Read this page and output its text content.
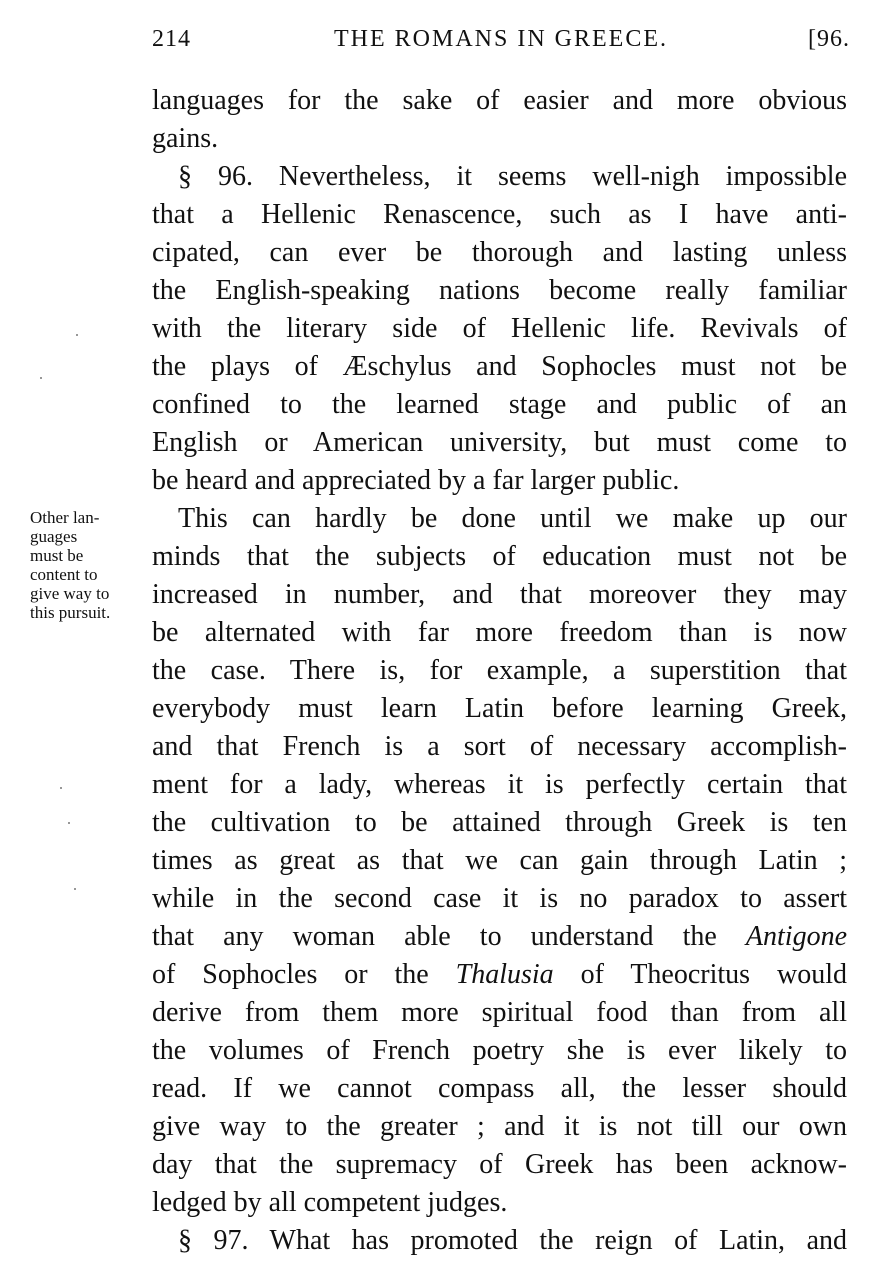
214	THE ROMANS IN GREECE.	[96.
Other lan-
guages
must be
content to
give way to
this pursuit.
languages for the sake of easier and more obvious
gains.
§ 96. Nevertheless, it seems well-nigh impossible
that a Hellenic Renascence, such as I have anti-
cipated, can ever be thorough and lasting unless
the English-speaking nations become really familiar
with the literary side of Hellenic life. Revivals of
the plays of Æschylus and Sophocles must not be
confined to the learned stage and public of an
English or American university, but must come to
be heard and appreciated by a far larger public.
This can hardly be done until we make up our
minds that the subjects of education must not be
increased in number, and that moreover they may
be alternated with far more freedom than is now
the case. There is, for example, a superstition that
everybody must learn Latin before learning Greek,
and that French is a sort of necessary accomplish-
ment for a lady, whereas it is perfectly certain that
the cultivation to be attained through Greek is ten
times as great as that we can gain through Latin ;
while in the second case it is no paradox to assert
that any woman able to understand the Antigone
of Sophocles or the Thalusia of Theocritus would
derive from them more spiritual food than from all
the volumes of French poetry she is ever likely to
read. If we cannot compass all, the lesser should
give way to the greater ; and it is not till our own
day that the supremacy of Greek has been acknow-
ledged by all competent judges.
§ 97. What has promoted the reign of Latin, and
